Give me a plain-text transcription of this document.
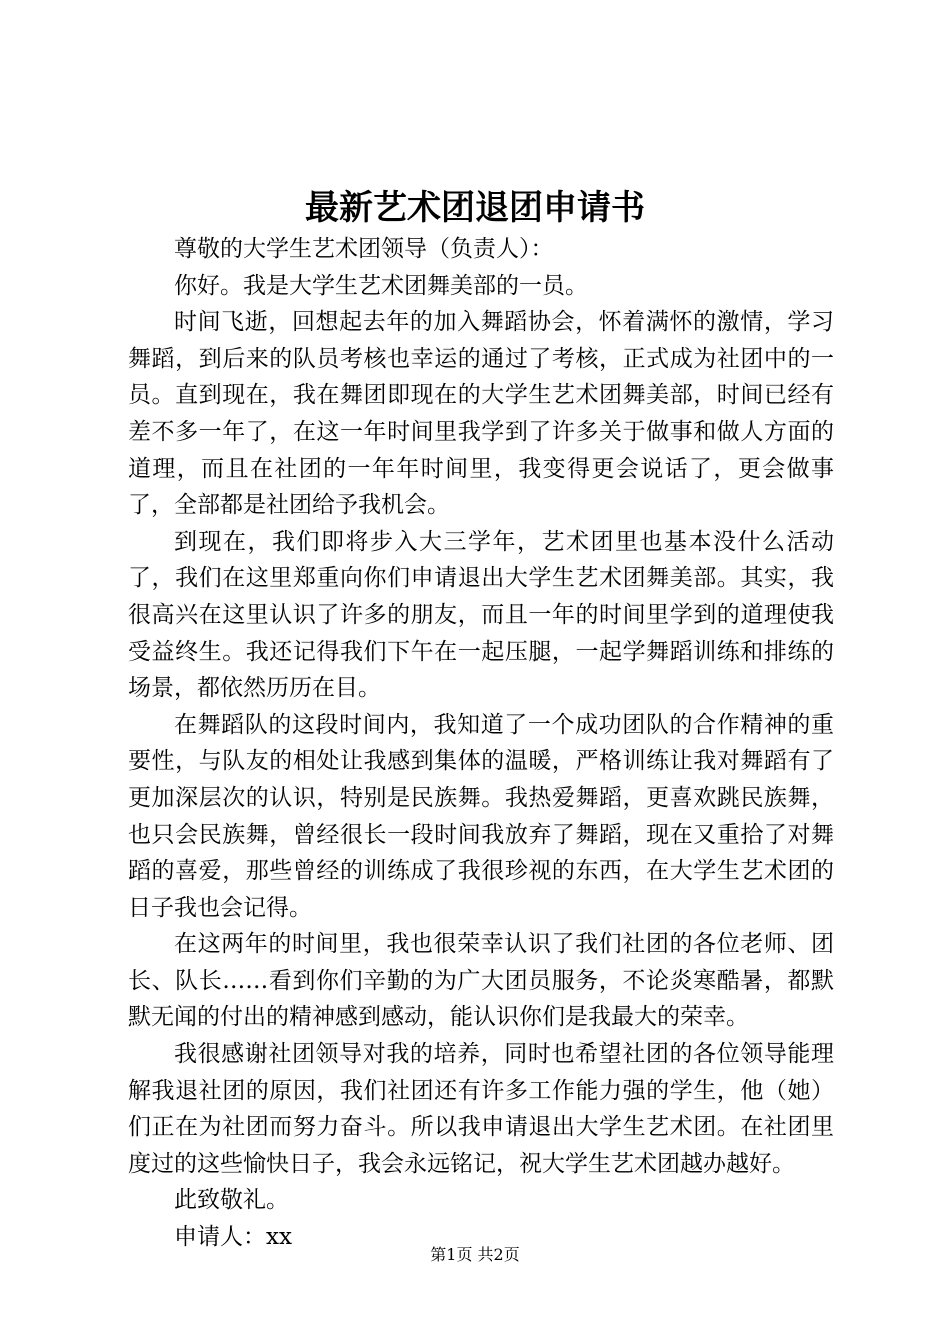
最新艺术团退团申请书

尊敬的大学生艺术团领导（负责人）：

你好。我是大学生艺术团舞美部的一员。

时间飞逝，回想起去年的加入舞蹈协会，怀着满怀的激情，学习舞蹈，到后来的队员考核也幸运的通过了考核，正式成为社团中的一员。直到现在，我在舞团即现在的大学生艺术团舞美部，时间已经有差不多一年了，在这一年时间里我学到了许多关于做事和做人方面的道理，而且在社团的一年年时间里，我变得更会说话了，更会做事了，全部都是社团给予我机会。

到现在，我们即将步入大三学年，艺术团里也基本没什么活动了，我们在这里郑重向你们申请退出大学生艺术团舞美部。其实，我很高兴在这里认识了许多的朋友，而且一年的时间里学到的道理使我受益终生。我还记得我们下午在一起压腿，一起学舞蹈训练和排练的场景，都依然历历在目。

在舞蹈队的这段时间内，我知道了一个成功团队的合作精神的重要性，与队友的相处让我感到集体的温暖，严格训练让我对舞蹈有了更加深层次的认识，特别是民族舞。我热爱舞蹈，更喜欢跳民族舞，也只会民族舞，曾经很长一段时间我放弃了舞蹈，现在又重拾了对舞蹈的喜爱，那些曾经的训练成了我很珍视的东西，在大学生艺术团的日子我也会记得。

在这两年的时间里，我也很荣幸认识了我们社团的各位老师、团长、队长……看到你们辛勤的为广大团员服务，不论炎寒酷暑，都默默无闻的付出的精神感到感动，能认识你们是我最大的荣幸。

我很感谢社团领导对我的培养，同时也希望社团的各位领导能理解我退社团的原因，我们社团还有许多工作能力强的学生，他（她）们正在为社团而努力奋斗。所以我申请退出大学生艺术团。在社团里度过的这些愉快日子，我会永远铭记，祝大学生艺术团越办越好。

此致敬礼。

申请人：xx

第1页 共2页
